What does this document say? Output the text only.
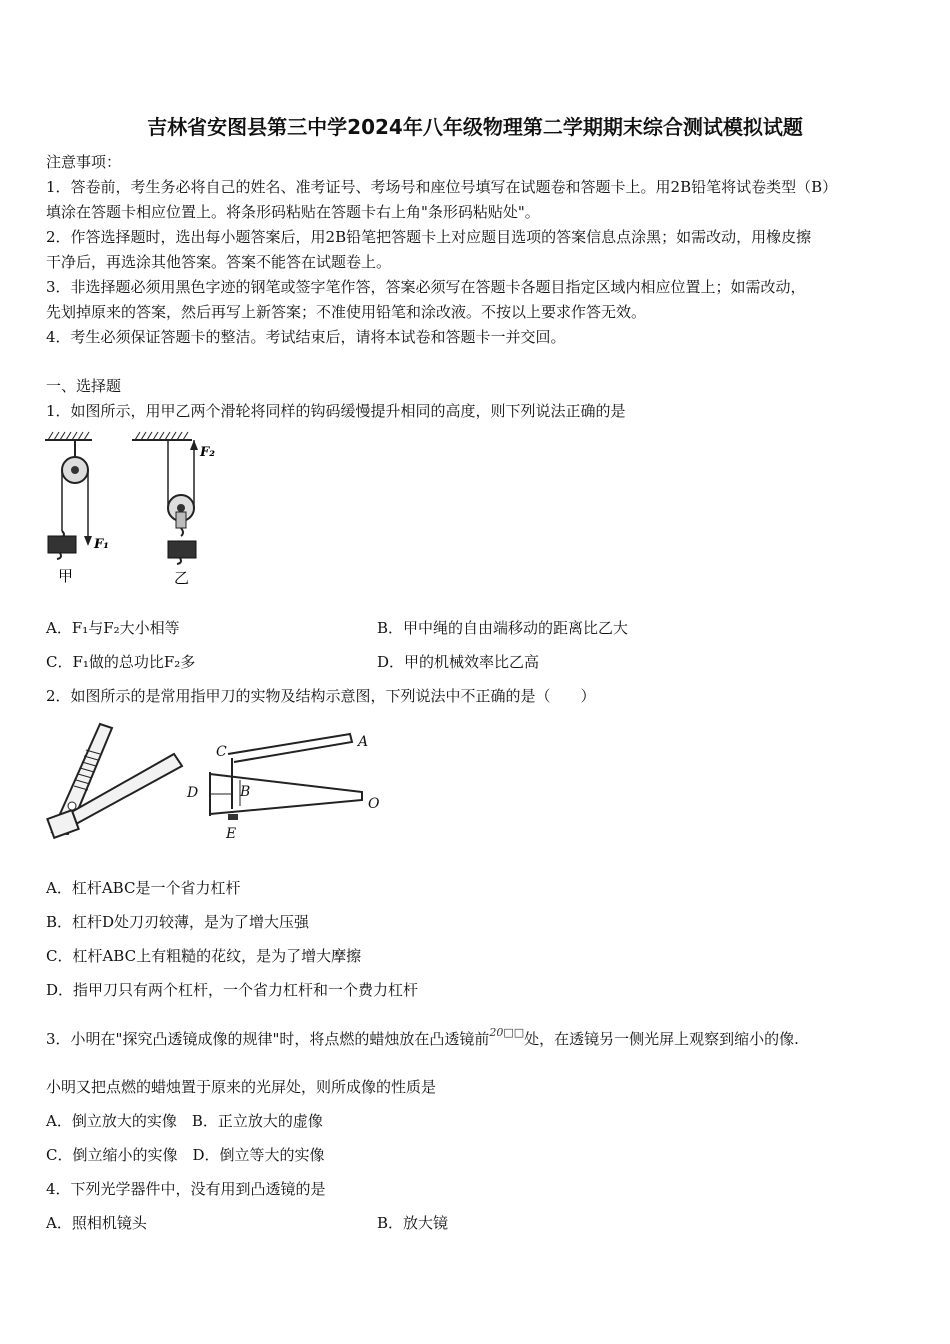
吉林省安图县第三中学2024年八年级物理第二学期期末综合测试模拟试题
注意事项：
1．答卷前，考生务必将自己的姓名、准考证号、考场号和座位号填写在试题卷和答题卡上。用2B铅笔将试卷类型（B）
填涂在答题卡相应位置上。将条形码粘贴在答题卡右上角"条形码粘贴处"。
2．作答选择题时，选出每小题答案后，用2B铅笔把答题卡上对应题目选项的答案信息点涂黑；如需改动，用橡皮擦
干净后，再选涂其他答案。答案不能答在试题卷上。
3．非选择题必须用黑色字迹的钢笔或签字笔作答，答案必须写在答题卡各题目指定区域内相应位置上；如需改动，
先划掉原来的答案，然后再写上新答案；不准使用铅笔和涂改液。不按以上要求作答无效。
4．考生必须保证答题卡的整洁。考试结束后，请将本试卷和答题卡一并交回。
一、选择题
1．如图所示，用甲乙两个滑轮将同样的钩码缓慢提升相同的高度，则下列说法正确的是
F₁
甲
F₂
乙
A．F₁与F₂大小相等	B．甲中绳的自由端移动的距离比乙大
C．F₁做的总功比F₂多	D．甲的机械效率比乙高
2．如图所示的是常用指甲刀的实物及结构示意图，下列说法中不正确的是（　　）
A
B
C
D
E
O
A．杠杆ABC是一个省力杠杆
B．杠杆D处刀刃较薄，是为了增大压强
C．杠杆ABC上有粗糙的花纹，是为了增大摩擦
D．指甲刀只有两个杠杆，一个省力杠杆和一个费力杠杆
3．小明在"探究凸透镜成像的规律"时，将点燃的蜡烛放在凸透镜前$^{20□□}$处，在透镜另一侧光屏上观察到缩小的像.
小明又把点燃的蜡烛置于原来的光屏处，则所成像的性质是
A．倒立放大的实像　B．正立放大的虚像
C．倒立缩小的实像　D．倒立等大的实像
4．下列光学器件中，没有用到凸透镜的是
A．照相机镜头	B．放大镜
